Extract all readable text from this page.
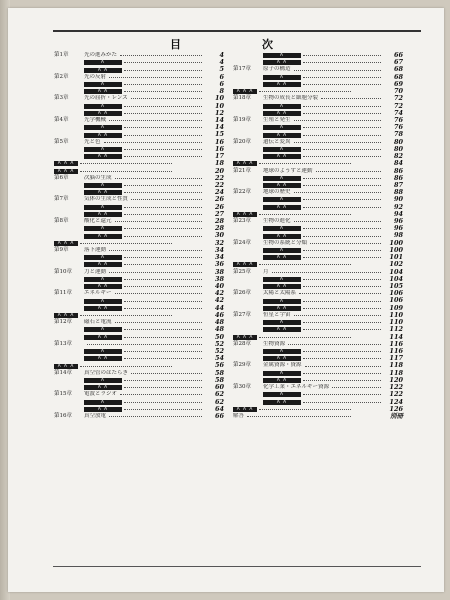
目	次
第1章	光の進みかた	4
A	4
A A	5
第2章	光の反射	6
A	6
A A	8
第3章	光の屈折・レンズ	10
A	10
A A	12
第4章	光学機械	14
A	14
A A	15
第5章	光と色	16
A	16
A A	17
A A A	18
A A A	20
第6章	次脳の生成	22
A	22
A A	24
第7章	気体の生成と性質	26
A	26
A A	27
第8章	酸化と還元	28
A	28
A A	30
A A A	32
第9章	落下運動	34
A	34
A A	36
第10章 力と運動	38
A	38
A A	40
第11章 エネルギー	42
A	42
A A	44
A A A	46
第12章 磁石と電流	48
A	48
A A	50
第13章	52
A	52
A A	54
A A A	56
第14章 真空管のはたらき	58
A	58
A A	60
第15章 電波とラジオ	62
A	62
A A	64
第16章 真空放電	66
A	66
A A	67
第17章 原子の構造	68
A	68
A A	69
A A A	70
第18章 生物の成長と細胞分裂	72
A	72
A A	74
第19章 生殖と発生	76
A	76
A A	78
第20章 遺伝と変異	80
A	80
A A	82
A A A	84
第21章 地球のようすと運動	86
A	86
A A	87
第22章 地球の歴史	88
A	90
A A	92
A A A	94
第23章 生物の進化	96
A	96
A A	98
第24章 生物の系統と分類	100
A	100
A A	101
A A A	102
第25章 月	104
A	104
A A	105
第26章 太陽と太陽系	106
A	106
A A	109
第27章 恒星と宇宙	110
A	110
A A	112
A A A	114
第28章 生物資源	116
A	116
A A	117
第29章 金属資源・資源	118
A	118
A A	120
第30章 化学工業・エネルギー資源	122
A	122
A A	124
A A A	126
解答	別冊
